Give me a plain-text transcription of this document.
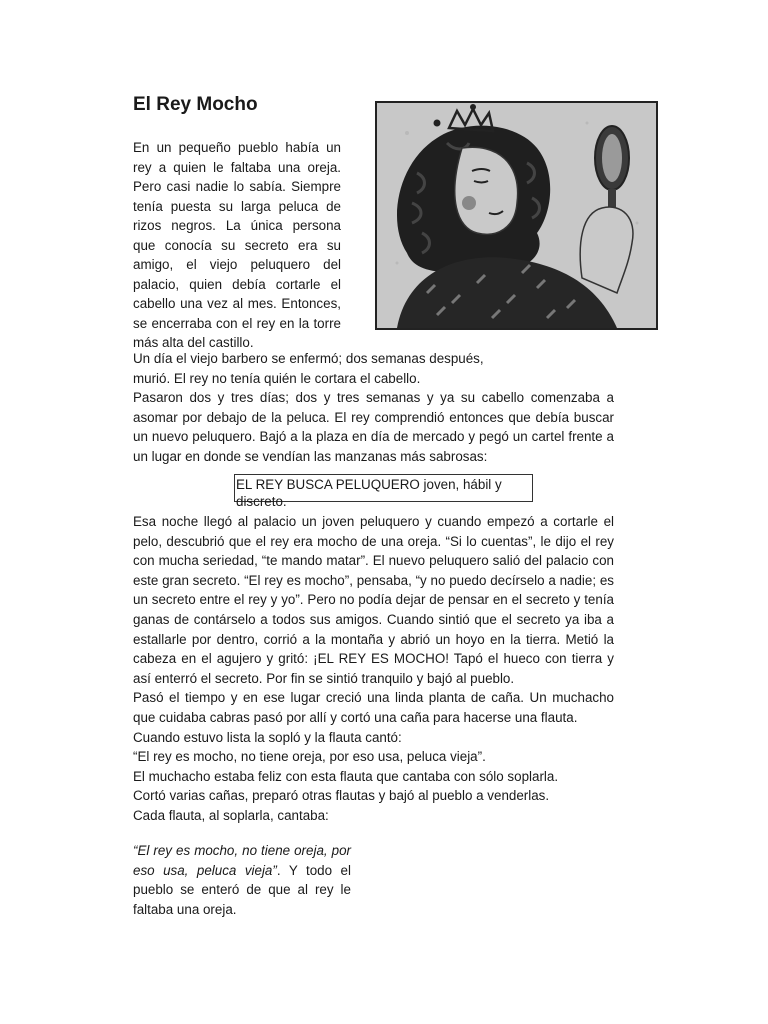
El Rey Mocho

En un pequeño pueblo había un rey a quien le faltaba una oreja. Pero casi nadie lo sabía. Siempre tenía puesta su larga peluca de rizos negros. La única persona que conocía su secreto era su amigo, el viejo peluquero del palacio, quien debía cortarle el cabello una vez al mes. Entonces, se encerraba con el rey en la torre más alta del castillo.

Un día el viejo barbero se enfermó; dos semanas después,

murió. El rey no tenía quién le cortara el cabello.

Pasaron dos y tres días; dos y tres semanas y ya su cabello comenzaba a asomar por debajo de la peluca. El rey comprendió entonces que debía buscar un nuevo peluquero. Bajó a la plaza en día de mercado y pegó un cartel frente a un lugar en donde se vendían las manzanas más sabrosas:

EL REY BUSCA PELUQUERO joven, hábil y discreto.

Esa noche llegó al palacio un joven peluquero y cuando empezó a cortarle el pelo, descubrió que el rey era mocho de una oreja. “Si lo cuentas”, le dijo el rey con mucha seriedad, “te mando matar”. El nuevo peluquero salió del palacio con este gran secreto. “El rey es mocho”, pensaba, “y no puedo decírselo a nadie; es un secreto entre el rey y yo”. Pero no podía dejar de pensar en el secreto y tenía ganas de contárselo a todos sus amigos. Cuando sintió que el secreto ya iba a estallarle por dentro, corrió a la montaña y abrió un hoyo en la tierra. Metió la cabeza en el agujero y gritó: ¡EL REY ES MOCHO! Tapó el hueco con tierra y así enterró el secreto. Por fin se sintió tranquilo y bajó al pueblo.

Pasó el tiempo y en ese lugar creció una linda planta de caña. Un muchacho que cuidaba cabras pasó por allí y cortó una caña para hacerse una flauta.

Cuando estuvo lista la sopló y la flauta cantó:

“El rey es mocho, no tiene oreja, por eso usa, peluca vieja”.

El muchacho estaba feliz con esta flauta que cantaba con sólo soplarla.

Cortó varias cañas, preparó otras flautas y bajó al pueblo a venderlas.

Cada flauta, al soplarla, cantaba:

“El rey es mocho, no tiene oreja, por eso usa, peluca vieja”. Y todo el pueblo se enteró de que al rey le faltaba una oreja.
